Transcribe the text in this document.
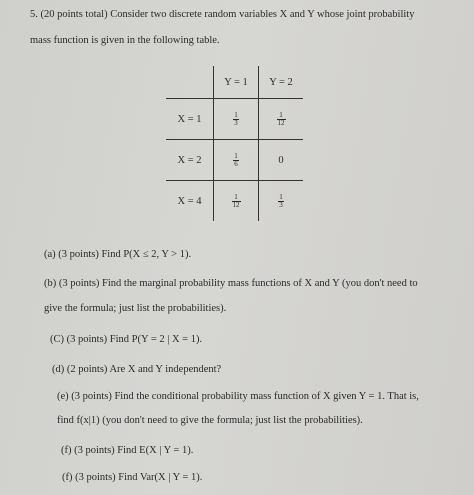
5. (20 points total) Consider two discrete random variables X and Y whose joint probability
mass function is given in the following table.
	Y = 1	Y = 2
X = 1	$\frac{1}{3}$	$\frac{1}{12}$

X = 2	$\frac{1}{6}$	0
X = 4	$\frac{1}{12}$	$\frac{1}{3}$
(a) (3 points) Find P(X ≤ 2, Y > 1).
(b) (3 points) Find the marginal probability mass functions of X and Y (you don't need to
give the formula; just list the probabilities).
(C) (3 points) Find P(Y = 2 | X = 1).
(d) (2 points) Are X and Y independent?
(e) (3 points) Find the conditional probability mass function of X given Y = 1. That is,
find f(x|1) (you don't need to give the formula; just list the probabilities).
(f) (3 points) Find E(X | Y = 1).
(f) (3 points) Find Var(X | Y = 1).
